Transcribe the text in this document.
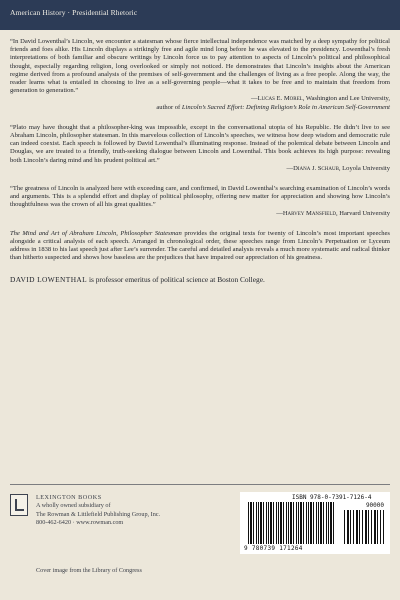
American History · Presidential Rhetoric

“In David Lowenthal’s Lincoln, we encounter a statesman whose fierce intellectual independence was matched by a deep sympathy for political friends and foes alike. His Lincoln displays a strikingly free and agile mind long before he was elevated to the presidency. Lowenthal’s fresh interpretations of both familiar and obscure writings by Lincoln force us to pay attention to aspects of Lincoln’s political and philosophical thought, especially regarding religion, long overlooked or simply not noticed. He demonstrates that Lincoln’s insights about the American regime derived from a profound analysis of the premises of self-government and the challenges of living as a free people. Along the way, the reader learns what is entailed in choosing to live as a self-governing people—what it takes to be free and to maintain that freedom from generation to generation.”
—Lucas E. Morel, Washington and Lee University,
author of Lincoln’s Sacred Effort: Defining Religion’s Role in American Self-Government

“Plato may have thought that a philosopher-king was impossible, except in the conversational utopia of his Republic. He didn’t live to see Abraham Lincoln, philosopher statesman. In this marvelous collection of Lincoln’s speeches, we witness how deep wisdom and democratic rule can indeed coexist. Each speech is followed by David Lowenthal’s illuminating response. Instead of the polemical debate between Lincoln and Douglas, we are treated to a friendly, truth-seeking dialogue between Lincoln and Lowenthal. This book achieves its high purpose: revealing both Lincoln’s daring mind and his prudent political art.”
—Diana J. Schaub, Loyola University

“The greatness of Lincoln is analyzed here with exceeding care, and confirmed, in David Lowenthal’s searching examination of Lincoln’s words and arguments. This is a splendid effort and display of political philosophy, offering new matter for appreciation and showing how Lincoln’s thoughtfulness was the crown of all his great qualities.”
—Harvey Mansfield, Harvard University

The Mind and Art of Abraham Lincoln, Philosopher Statesman provides the original texts for twenty of Lincoln’s most important speeches alongside a critical analysis of each speech. Arranged in chronological order, these speeches range from Lincoln’s Perpetuation or Lyceum address in 1838 to his last speech just after Lee’s surrender. The careful and detailed analysis reveals a much more systematic and radical thinker than hitherto suspected and shows how baseless are the prejudices that have impaired our appreciation of his greatness.

DAVID LOWENTHAL is professor emeritus of political science at Boston College.

LEXINGTON BOOKS
A wholly owned subsidiary of
The Rowman & Littlefield Publishing Group, Inc.
800-462-6420 · www.rowman.com
ISBN 978-0-7391-7126-4
90000
9 780739 171264
Cover image from the Library of Congress
